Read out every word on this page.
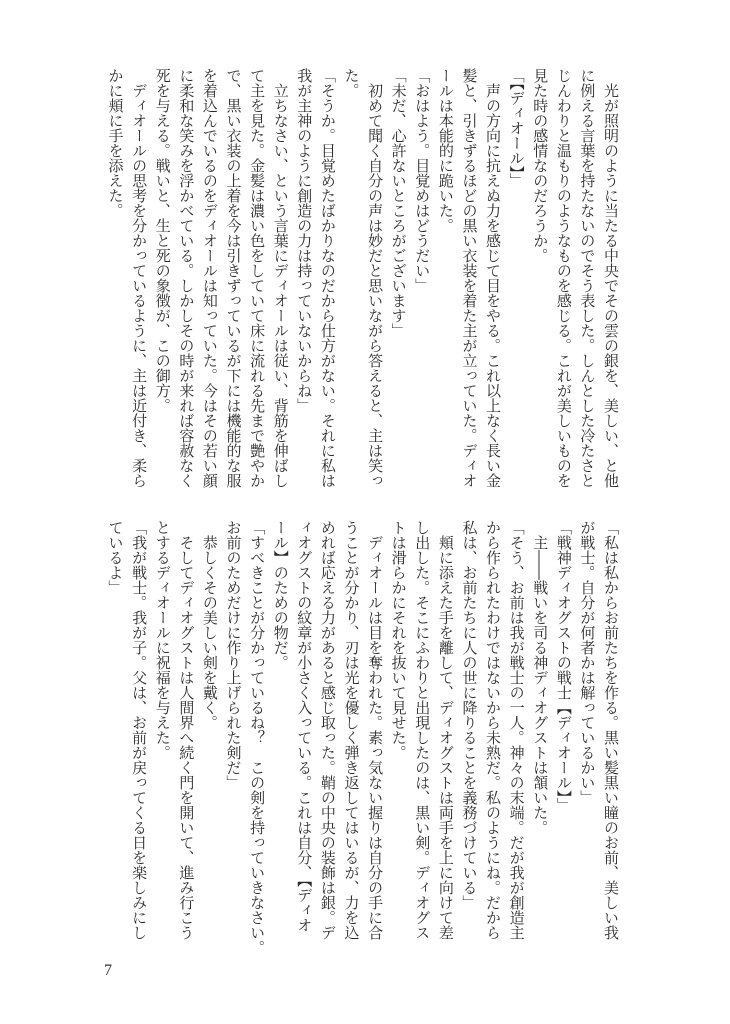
　光が照明のように当たる中央でその雲の銀を、美しい、と他
に例える言葉を持たないのでそう表した。しんとした冷たさと
じんわりと温もりのようなものを感じる。これが美しいものを
見た時の感情なのだろうか。
「【ディオール】」
　声の方向に抗えぬ力を感じて目をやる。これ以上なく長い金
髪と、引きずるほどの黒い衣装を着た主が立っていた。ディオ
ールは本能的に跪いた。
「おはよう。目覚めはどうだい」
「未だ、心許ないところがございます」
　初めて聞く自分の声は妙だと思いながら答えると、主は笑っ
た。
「そうか。目覚めたばかりなのだから仕方がない。それに私は
我が主神のように創造の力は持っていないからね」
　立ちなさい、という言葉にディオールは従い、背筋を伸ばし
て主を見た。金髪は濃い色をしていて床に流れる先まで艶やか
で、黒い衣装の上着を今は引きずっているが下には機能的な服
を着込んでいるのをディオールは知っていた。今はその若い顔
に柔和な笑みを浮かべている。しかしその時が来れば容赦なく
死を与える。戦いと、生と死の象徴が、この御方。
　ディオールの思考を分かっているように、主は近付き、柔ら
かに頬に手を添えた。
「私は私からお前たちを作る。黒い髪黒い瞳のお前、美しい我
が戦士。自分が何者かは解っているかい」
「戦神ディオグストの戦士【ディオール】」
　主――戦いを司る神ディオグストは頷いた。
「そう、お前は我が戦士の一人。神々の末端。だが我が創造主
から作られたわけではないから未熟だ。私のようにね。だから
私は、お前たちに人の世に降りることを義務づけている」
　頬に添えた手を離して、ディオグストは両手を上に向けて差
し出した。そこにふわりと出現したのは、黒い剣。ディオグス
トは滑らかにそれを抜いて見せた。
　ディオールは目を奪われた。素っ気ない握りは自分の手に合
うことが分かり、刃は光を優しく弾き返してはいるが、力を込
めれば応える力があると感じ取った。鞘の中央の装飾は銀。デ
ィオグストの紋章が小さく入っている。これは自分、【ディオ
ール】のための物だ。
「すべきことが分かっているね？　この剣を持っていきなさい。
お前のためだけに作り上げられた剣だ」
　恭しくその美しい剣を戴く。
　そしてディオグストは人間界へ続く門を開いて、進み行こう
とするディオールに祝福を与えた。
「我が戦士。我が子。父は、お前が戻ってくる日を楽しみにし
ているよ」
7
